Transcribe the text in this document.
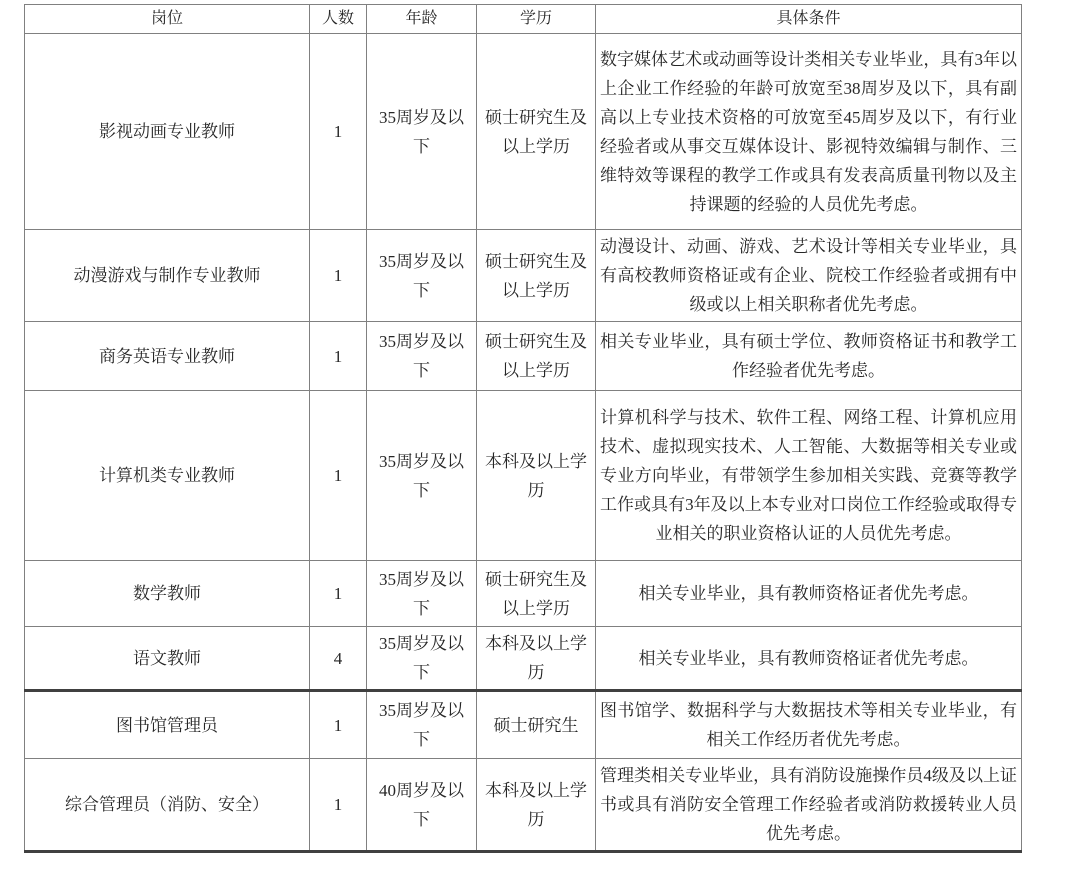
岗位	人数	年龄	学历	具体条件
影视动画专业教师	1	35周岁及以下	硕士研究生及以上学历	数字媒体艺术或动画等设计类相关专业毕业，具有3年以上企业工作经验的年龄可放宽至38周岁及以下，具有副高以上专业技术资格的可放宽至45周岁及以下，有行业经验者或从事交互媒体设计、影视特效编辑与制作、三维特效等课程的教学工作或具有发表高质量刊物以及主持课题的经验的人员优先考虑。
动漫游戏与制作专业教师	1	35周岁及以下	硕士研究生及以上学历	动漫设计、动画、游戏、艺术设计等相关专业毕业，具有高校教师资格证或有企业、院校工作经验者或拥有中级或以上相关职称者优先考虑。
商务英语专业教师	1	35周岁及以下	硕士研究生及以上学历	相关专业毕业，具有硕士学位、教师资格证书和教学工作经验者优先考虑。
计算机类专业教师	1	35周岁及以下	本科及以上学历	计算机科学与技术、软件工程、网络工程、计算机应用技术、虚拟现实技术、人工智能、大数据等相关专业或专业方向毕业，有带领学生参加相关实践、竞赛等教学工作或具有3年及以上本专业对口岗位工作经验或取得专业相关的职业资格认证的人员优先考虑。
数学教师	1	35周岁及以下	硕士研究生及以上学历	相关专业毕业，具有教师资格证者优先考虑。
语文教师	4	35周岁及以下	本科及以上学历	相关专业毕业，具有教师资格证者优先考虑。
图书馆管理员	1	35周岁及以下	硕士研究生	图书馆学、数据科学与大数据技术等相关专业毕业，有相关工作经历者优先考虑。
综合管理员（消防、安全）	1	40周岁及以下	本科及以上学历	管理类相关专业毕业，具有消防设施操作员4级及以上证书或具有消防安全管理工作经验者或消防救援转业人员优先考虑。
